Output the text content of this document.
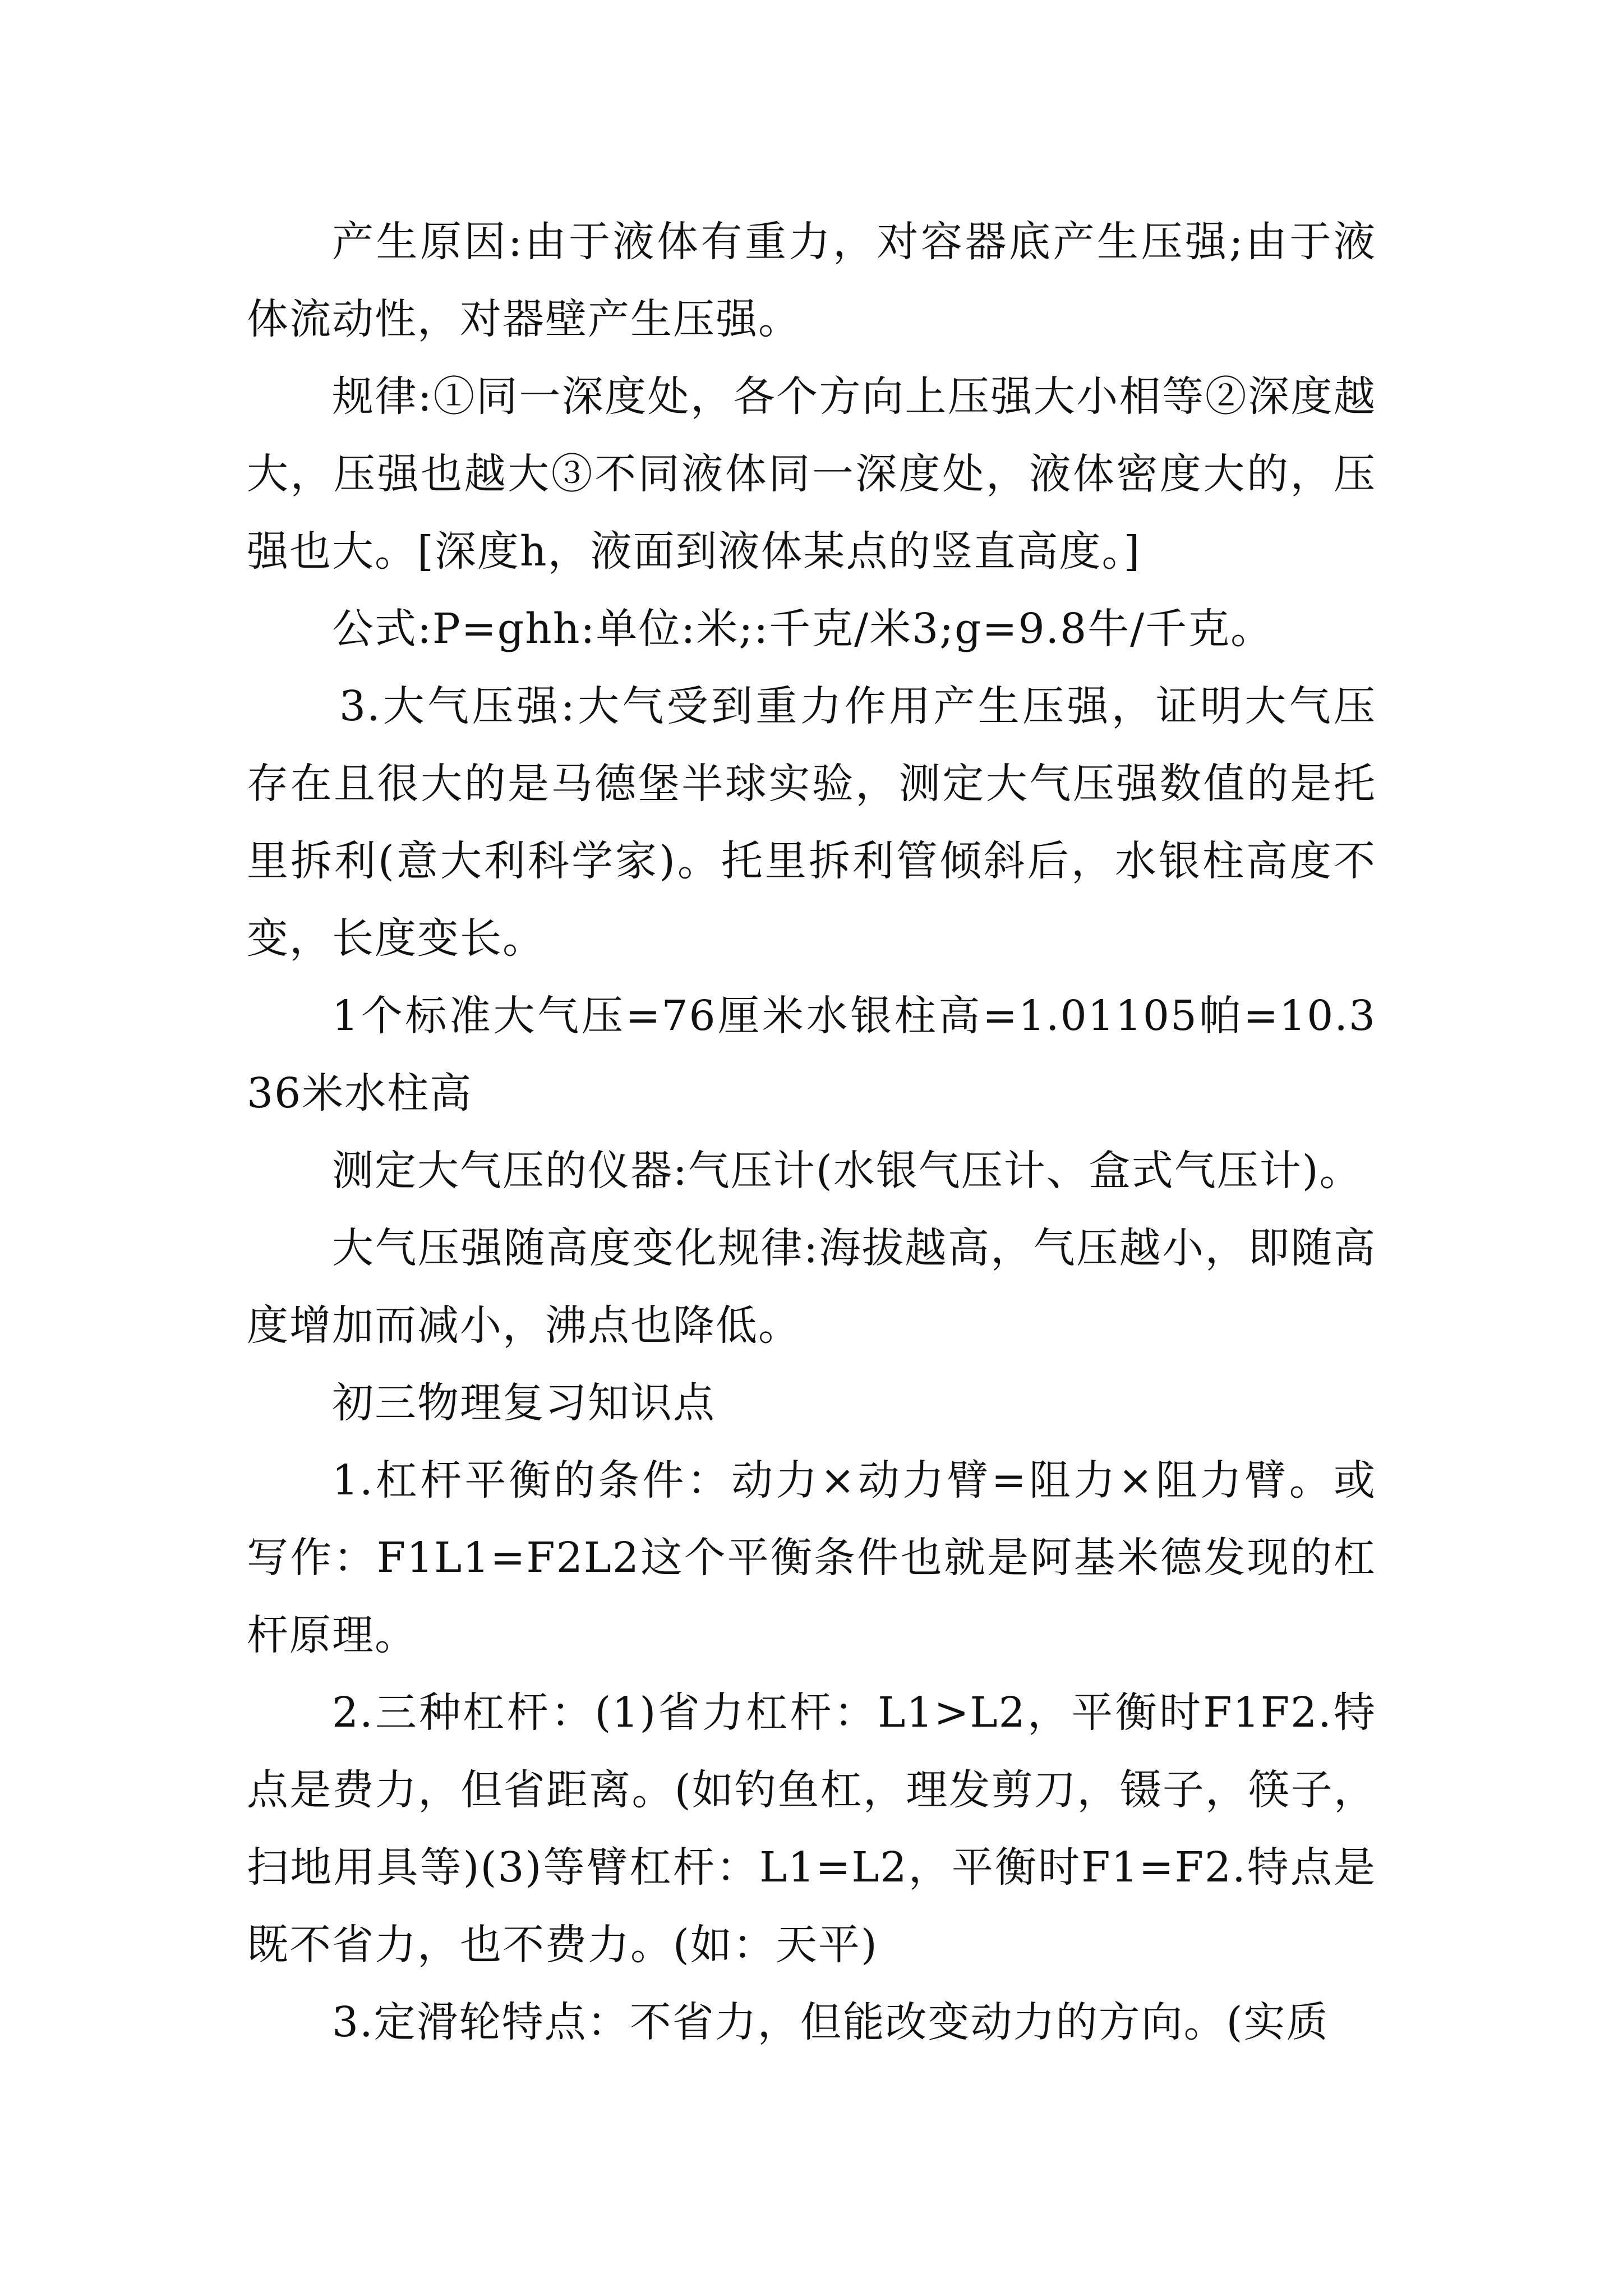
产生原因:由于液体有重力，对容器底产生压强;由于液体流动性，对器壁产生压强。

规律:①同一深度处，各个方向上压强大小相等②深度越大，压强也越大③不同液体同一深度处，液体密度大的，压强也大。[深度h，液面到液体某点的竖直高度。]

公式:P=ghh:单位:米;:千克/米3;g=9.8牛/千克。

3.大气压强:大气受到重力作用产生压强，证明大气压存在且很大的是马德堡半球实验，测定大气压强数值的是托里拆利(意大利科学家)。托里拆利管倾斜后，水银柱高度不变，长度变长。

1个标准大气压=76厘米水银柱高=1.01105帕=10.336米水柱高

测定大气压的仪器:气压计(水银气压计、盒式气压计)。

大气压强随高度变化规律:海拔越高，气压越小，即随高度增加而减小，沸点也降低。

初三物理复习知识点

1.杠杆平衡的条件：动力×动力臂=阻力×阻力臂。或写作：F1L1=F2L2这个平衡条件也就是阿基米德发现的杠杆原理。

2.三种杠杆：(1)省力杠杆：L1>L2，平衡时F1F2.特点是费力，但省距离。(如钓鱼杠，理发剪刀，镊子，筷子，扫地用具等)(3)等臂杠杆：L1=L2，平衡时F1=F2.特点是既不省力，也不费力。(如：天平)

3.定滑轮特点：不省力，但能改变动力的方向。(实质
